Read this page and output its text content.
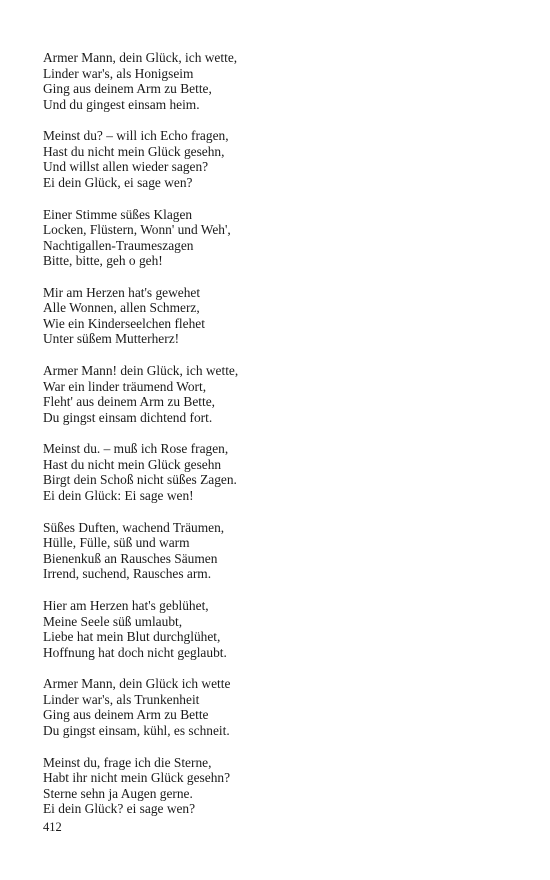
Armer Mann, dein Glück, ich wette,
Linder war's, als Honigseim
Ging aus deinem Arm zu Bette,
Und du gingest einsam heim.
Meinst du? – will ich Echo fragen,
Hast du nicht mein Glück gesehn,
Und willst allen wieder sagen?
Ei dein Glück, ei sage wen?
Einer Stimme süßes Klagen
Locken, Flüstern, Wonn' und Weh',
Nachtigallen-Traumeszagen
Bitte, bitte, geh o geh!
Mir am Herzen hat's gewehet
Alle Wonnen, allen Schmerz,
Wie ein Kinderseelchen flehet
Unter süßem Mutterherz!
Armer Mann! dein Glück, ich wette,
War ein linder träumend Wort,
Fleht' aus deinem Arm zu Bette,
Du gingst einsam dichtend fort.
Meinst du. – muß ich Rose fragen,
Hast du nicht mein Glück gesehn
Birgt dein Schoß nicht süßes Zagen.
Ei dein Glück: Ei sage wen!
Süßes Duften, wachend Träumen,
Hülle, Fülle, süß und warm
Bienenkuß an Rausches Säumen
Irrend, suchend, Rausches arm.
Hier am Herzen hat's geblühet,
Meine Seele süß umlaubt,
Liebe hat mein Blut durchglühet,
Hoffnung hat doch nicht geglaubt.
Armer Mann, dein Glück ich wette
Linder war's, als Trunkenheit
Ging aus deinem Arm zu Bette
Du gingst einsam, kühl, es schneit.
Meinst du, frage ich die Sterne,
Habt ihr nicht mein Glück gesehn?
Sterne sehn ja Augen gerne.
Ei dein Glück? ei sage wen?
412
